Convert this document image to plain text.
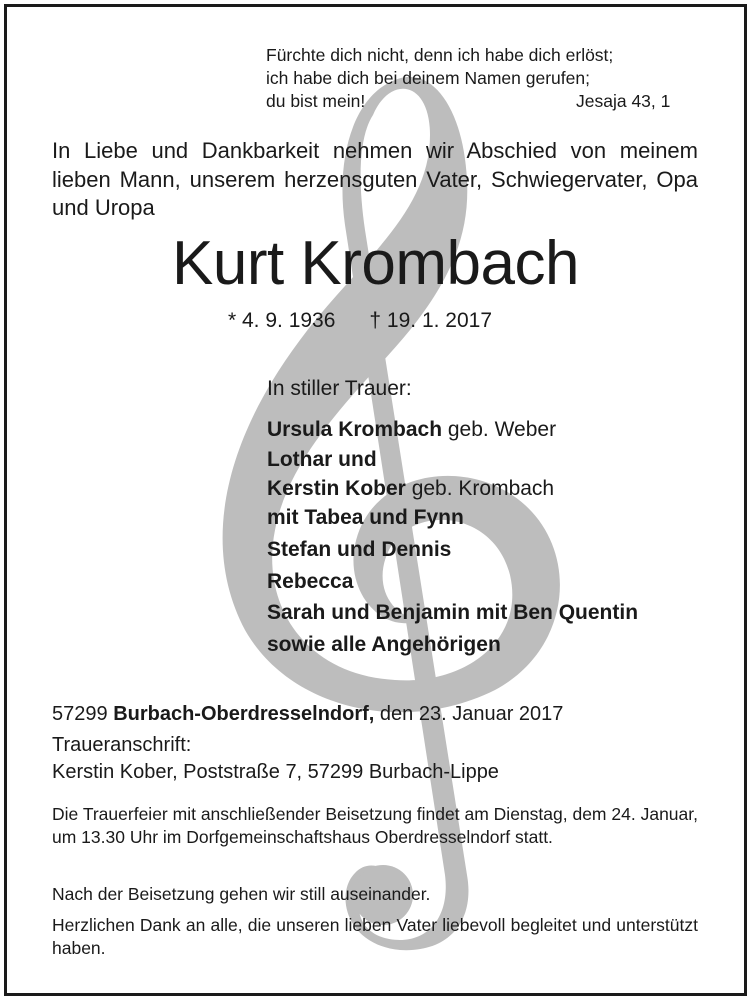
Fürchte dich nicht, denn ich habe dich erlöst;
ich habe dich bei deinem Namen gerufen;
du bist mein!	Jesaja 43, 1
In Liebe und Dankbarkeit nehmen wir Abschied von meinem lieben Mann, unserem herzensguten Vater, Schwiegervater, Opa und Uropa
Kurt Krombach
* 4. 9. 1936 † 19. 1. 2017
In stiller Trauer:
Ursula Krombach geb. Weber
Lothar und
Kerstin Kober geb. Krombach
mit Tabea und Fynn
Stefan und Dennis
Rebecca
Sarah und Benjamin mit Ben Quentin
sowie alle Angehörigen
57299 Burbach-Oberdresselndorf, den 23. Januar 2017
Traueranschrift:
Kerstin Kober, Poststraße 7, 57299 Burbach-Lippe
Die Trauerfeier mit anschließender Beisetzung findet am Dienstag, dem 24. Januar, um 13.30 Uhr im Dorfgemeinschaftshaus Oberdresselndorf statt.
Nach der Beisetzung gehen wir still auseinander.
Herzlichen Dank an alle, die unseren lieben Vater liebevoll begleitet und unterstützt haben.
